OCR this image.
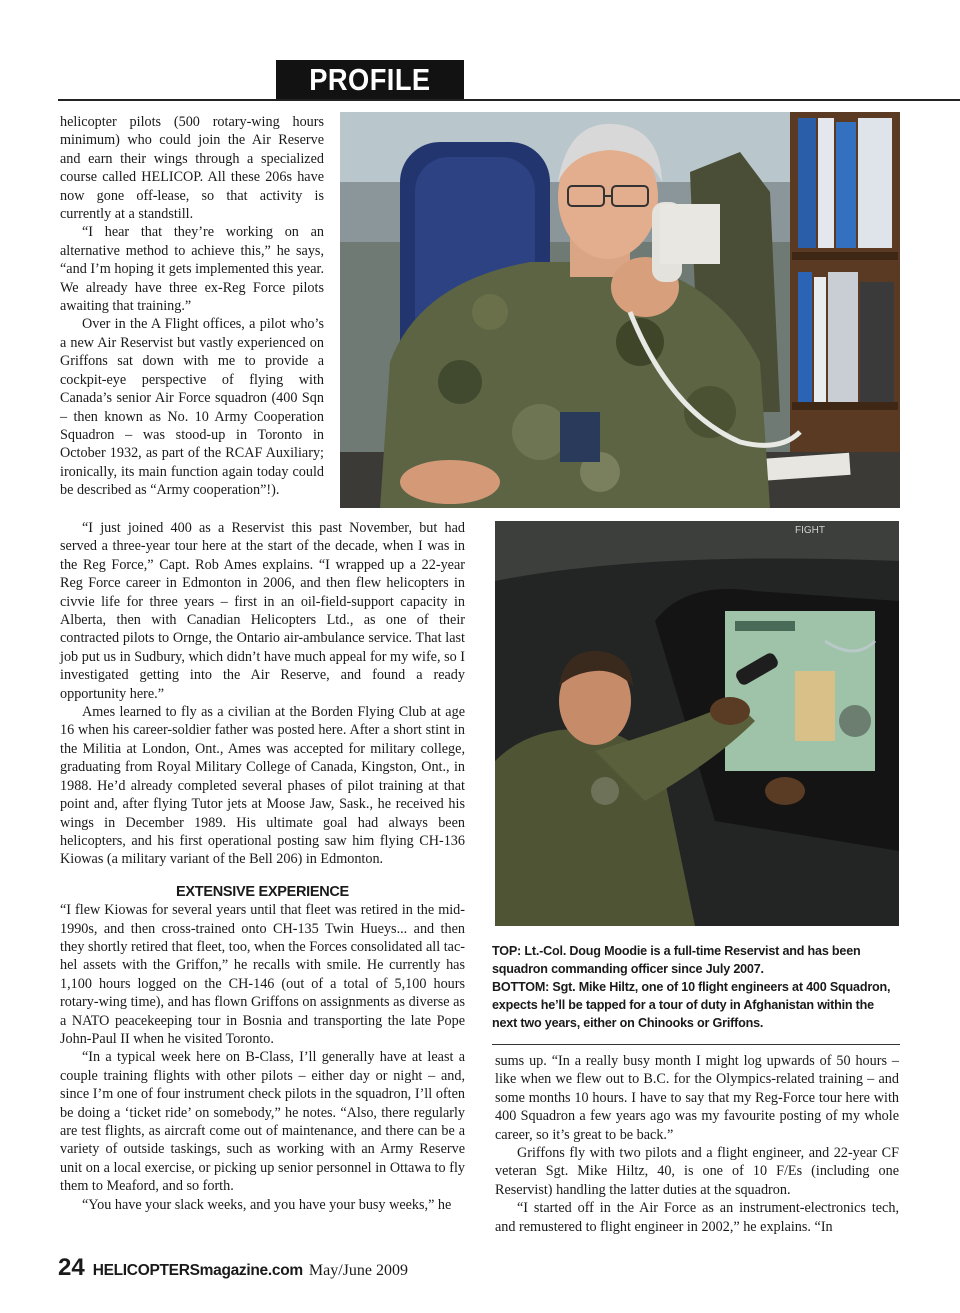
PROFILE

helicopter pilots (500 rotary-wing hours minimum) who could join the Air Reserve and earn their wings through a specialized course called HELICOP. All these 206s have now gone off-lease, so that activity is currently at a standstill.

“I hear that they’re working on an alternative method to achieve this,” he says, “and I’m hoping it gets implemented this year. We already have three ex-Reg Force pilots awaiting that training.”

Over in the A Flight offices, a pilot who’s a new Air Reservist but vastly experienced on Griffons sat down with me to provide a cockpit-eye perspective of flying with Canada’s senior Air Force squadron (400 Sqn – then known as No. 10 Army Cooperation Squadron – was stood-up in Toronto in October 1932, as part of the RCAF Auxiliary; ironically, its main function again today could be described as “Army cooperation”!).

“I just joined 400 as a Reservist this past November, but had served a three-year tour here at the start of the decade, when I was in the Reg Force,” Capt. Rob Ames explains. “I wrapped up a 22-year Reg Force career in Edmonton in 2006, and then flew helicopters in civvie life for three years – first in an oil-field-support capacity in Alberta, then with Canadian Helicopters Ltd., as one of their contracted pilots to Ornge, the Ontario air-ambulance service. That last job put us in Sudbury, which didn’t have much appeal for my wife, so I investigated getting into the Air Reserve, and found a ready opportunity here.”

Ames learned to fly as a civilian at the Borden Flying Club at age 16 when his career-soldier father was posted here. After a short stint in the Militia at London, Ont., Ames was accepted for military college, graduating from Royal Military College of Canada, Kingston, Ont., in 1988. He’d already completed several phases of pilot training at that point and, after flying Tutor jets at Moose Jaw, Sask., he received his wings in December 1989. His ultimate goal had always been helicopters, and his first operational posting saw him flying CH-136 Kiowas (a military variant of the Bell 206) in Edmonton.

EXTENSIVE EXPERIENCE

“I flew Kiowas for several years until that fleet was retired in the mid-1990s, and then cross-trained onto CH-135 Twin Hueys... and then they shortly retired that fleet, too, when the Forces consolidated all tac-hel assets with the Griffon,” he recalls with smile. He currently has 1,100 hours logged on the CH-146 (out of a total of 5,100 hours rotary-wing time), and has flown Griffons on assignments as diverse as a NATO peacekeeping tour in Bosnia and transporting the late Pope John-Paul II when he visited Toronto.

“In a typical week here on B-Class, I’ll generally have at least a couple training flights with other pilots – either day or night – and, since I’m one of four instrument check pilots in the squadron, I’ll often be doing a ‘ticket ride’ on somebody,” he notes. “Also, there regularly are test flights, as aircraft come out of maintenance, and there can be a variety of outside taskings, such as working with an Army Reserve unit on a local exercise, or picking up senior personnel in Ottawa to fly them to Meaford, and so forth.

“You have your slack weeks, and you have your busy weeks,” he

FIGHT
TOP: Lt.-Col. Doug Moodie is a full-time Reservist and has been squadron commanding officer since July 2007.
BOTTOM: Sgt. Mike Hiltz, one of 10 flight engineers at 400 Squadron, expects he’ll be tapped for a tour of duty in Afghanistan within the next two years, either on Chinooks or Griffons.

sums up. “In a really busy month I might log upwards of 50 hours – like when we flew out to B.C. for the Olympics-related training – and some months 10 hours. I have to say that my Reg-Force tour here with 400 Squadron a few years ago was my favourite posting of my whole career, so it’s great to be back.”

Griffons fly with two pilots and a flight engineer, and 22-year CF veteran Sgt. Mike Hiltz, 40, is one of 10 F/Es (including one Reservist) handling the latter duties at the squadron.

“I started off in the Air Force as an instrument-electronics tech, and remustered to flight engineer in 2002,” he explains. “In

24 HELICOPTERSmagazine.com May/June 2009
